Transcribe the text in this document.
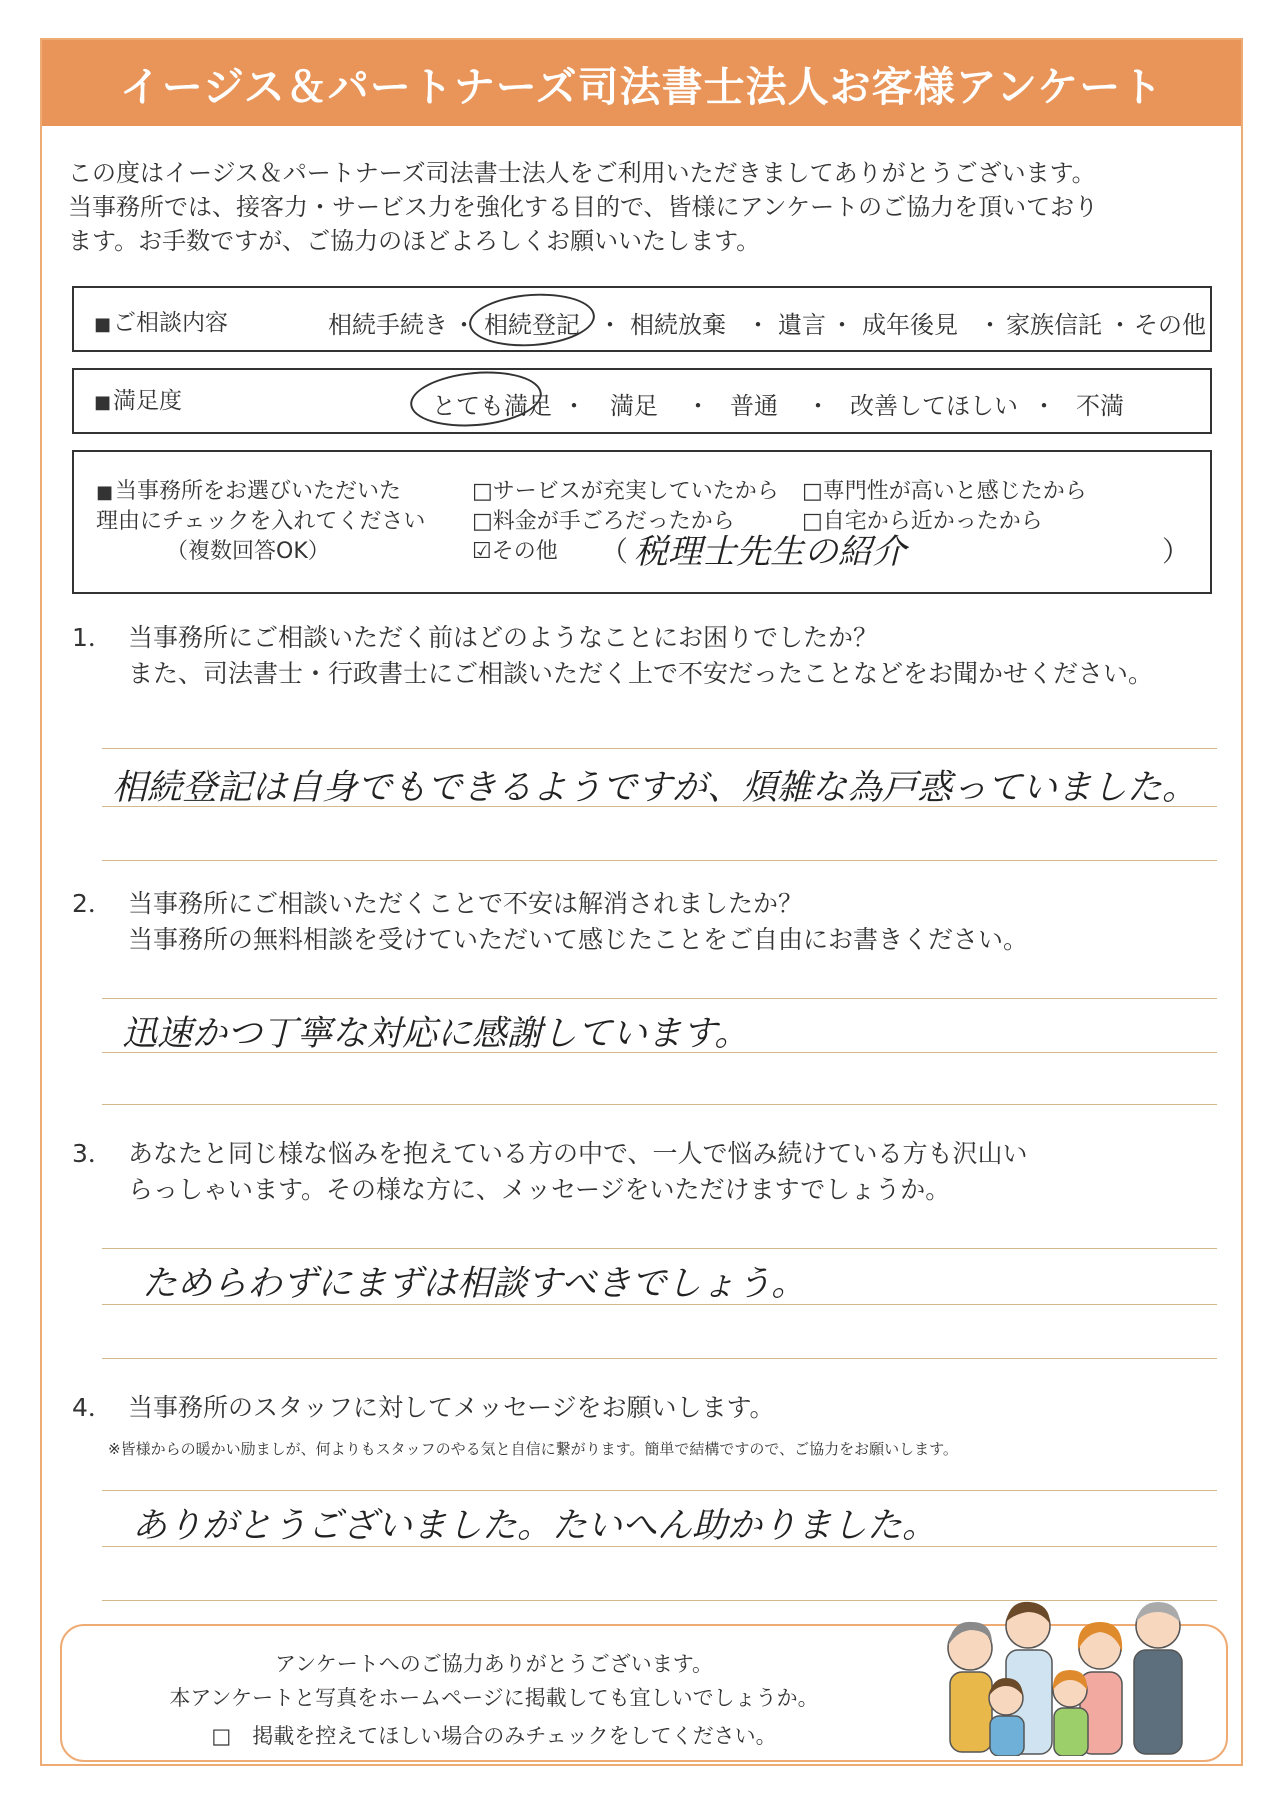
イージス＆パートナーズ司法書士法人お客様アンケート
この度はイージス＆パートナーズ司法書士法人をご利用いただきましてありがとうございます。
当事務所では、接客力・サービス力を強化する目的で、皆様にアンケートのご協力を頂いており
ます。お手数ですが、ご協力のほどよろしくお願いいたします。
■ご相談内容	相続手続き ・ 相続登記 ・ 相続放棄 ・ 遺言 ・ 成年後見 ・ 家族信託 ・ その他
■満足度	とても満足 ・ 満足 ・ 普通 ・ 改善してほしい ・ 不満
■当事務所をお選びいただいた
理由にチェックを入れてください
（複数回答OK）
□サービスが充実していたから □専門性が高いと感じたから
□料金が手ごろだったから	□自宅から近かったから
☑その他 （ 税理士先生の紹介	）
1． 当事務所にご相談いただく前はどのようなことにお困りでしたか？
また、司法書士・行政書士にご相談いただく上で不安だったことなどをお聞かせください。
相続登記は自身でもできるようですが、煩雑な為戸惑っていました。
2． 当事務所にご相談いただくことで不安は解消されましたか？
当事務所の無料相談を受けていただいて感じたことをご自由にお書きください。
迅速かつ丁寧な対応に感謝しています。
3． あなたと同じ様な悩みを抱えている方の中で、一人で悩み続けている方も沢山い
らっしゃいます。その様な方に、メッセージをいただけますでしょうか。
ためらわずにまずは相談すべきでしょう。
4． 当事務所のスタッフに対してメッセージをお願いします。
※皆様からの暖かい励ましが、何よりもスタッフのやる気と自信に繋がります。簡単で結構ですので、ご協力をお願いします。
ありがとうございました。たいへん助かりました。
アンケートへのご協力ありがとうございます。
本アンケートと写真をホームページに掲載しても宜しいでしょうか。
□　 掲載を控えてほしい場合のみチェックをしてください。
